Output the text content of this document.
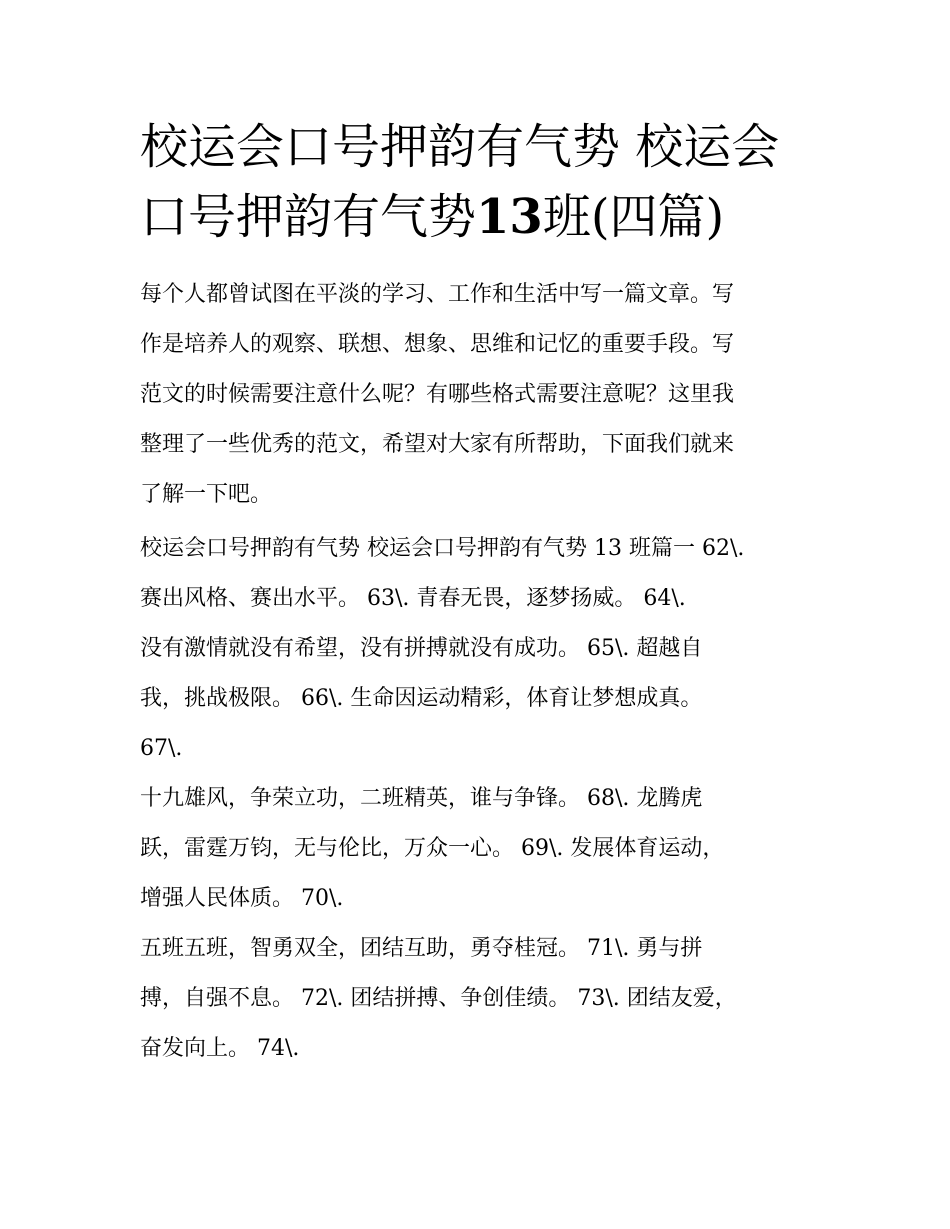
校运会口号押韵有气势 校运会口号押韵有气势13班(四篇)
每个人都曾试图在平淡的学习、工作和生活中写一篇文章。写
作是培养人的观察、联想、想象、思维和记忆的重要手段。写
范文的时候需要注意什么呢？有哪些格式需要注意呢？这里我
整理了一些优秀的范文，希望对大家有所帮助，下面我们就来
了解一下吧。
校运会口号押韵有气势 校运会口号押韵有气势 13 班篇一 62\.
赛出风格、赛出水平。 63\. 青春无畏，逐梦扬威。 64\.
没有激情就没有希望，没有拼搏就没有成功。 65\. 超越自
我，挑战极限。 66\. 生命因运动精彩，体育让梦想成真。
67\.
十九雄风，争荣立功，二班精英，谁与争锋。 68\. 龙腾虎
跃，雷霆万钧，无与伦比，万众一心。 69\. 发展体育运动，
增强人民体质。 70\.
五班五班，智勇双全，团结互助，勇夺桂冠。 71\. 勇与拼
搏，自强不息。 72\. 团结拼搏、争创佳绩。 73\. 团结友爱，
奋发向上。 74\.
